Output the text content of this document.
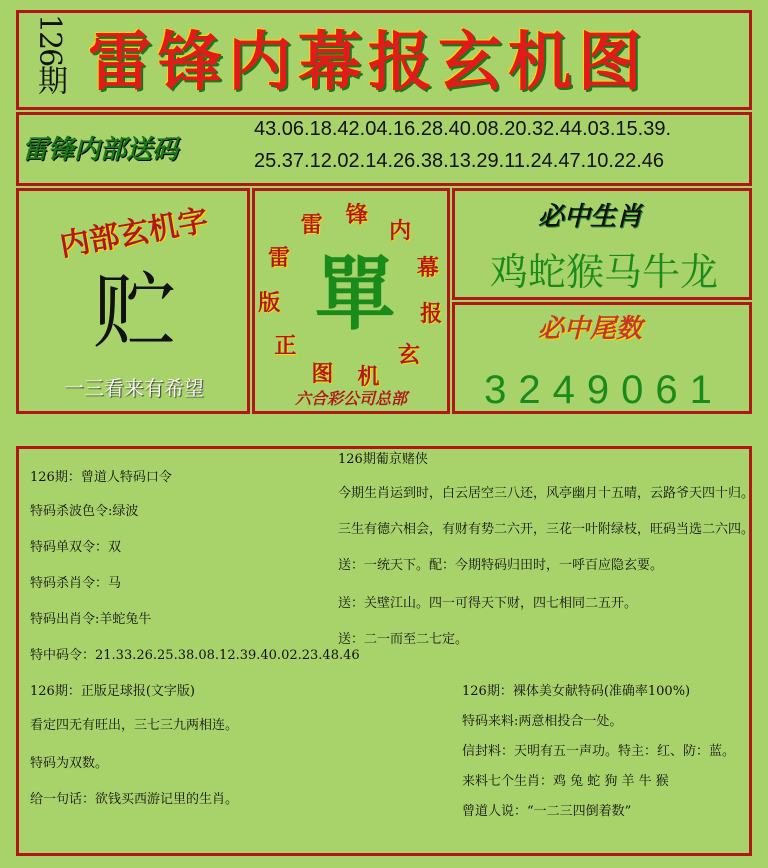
126期 雷锋内幕报玄机图
雷锋内部送码
43.06.18.42.04.16.28.40.08.20.32.44.03.15.39.
25.37.12.02.14.26.38.13.29.11.24.47.10.22.46
内部玄机字
贮
一三看来有希望
雷 锋
内
幕
报
玄
机
图
正
版
雷 單
六合彩公司总部
必中生肖
鸡蛇猴马牛龙
必中尾数
3249061
126期：曾道人特码口令
特码杀波色令:绿波
特码单双令：双
特码杀肖令：马
特码出肖令:羊蛇兔牛
特中码令：21.33.26.25.38.08.12.39.40.02.23.48.46
126期葡京赌侠
今期生肖运到时，白云居空三八还，风亭幽月十五晴，云路爷天四十归。
三生有德六相会，有财有势二六开，三花一叶附绿枝，旺码当选二六四。
送：一统天下。配：今期特码归田时，一呼百应隐玄要。
送：关壁江山。四一可得天下财，四七相同二五开。
送：二一而至二七定。
126期：正版足球报(文字版)
看定四无有旺出，三七三九两相连。
特码为双数。
给一句话：欲钱买西游记里的生肖。
126期：裸体美女献特码(准确率100%)
特码来料:两意相投合一处。
信封料：天明有五一声功。特主：红、防：蓝。
来料七个生肖：鸡 兔 蛇 狗 羊 牛 猴
曾道人说：“一二三四倒着数”
